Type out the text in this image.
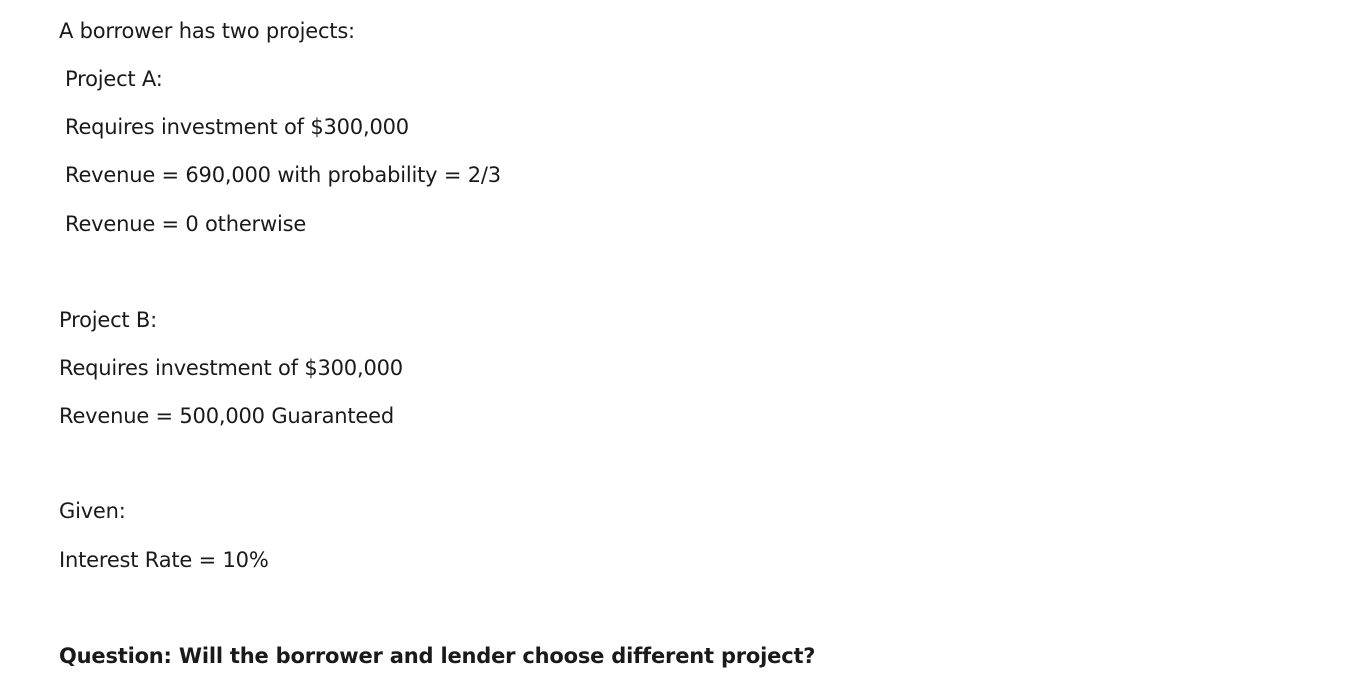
A borrower has two projects:

Project A:

Requires investment of $300,000

Revenue = 690,000 with probability = 2/3

Revenue = 0 otherwise

Project B:

Requires investment of $300,000

Revenue = 500,000 Guaranteed

Given:

Interest Rate = 10%

Question: Will the borrower and lender choose different project?
